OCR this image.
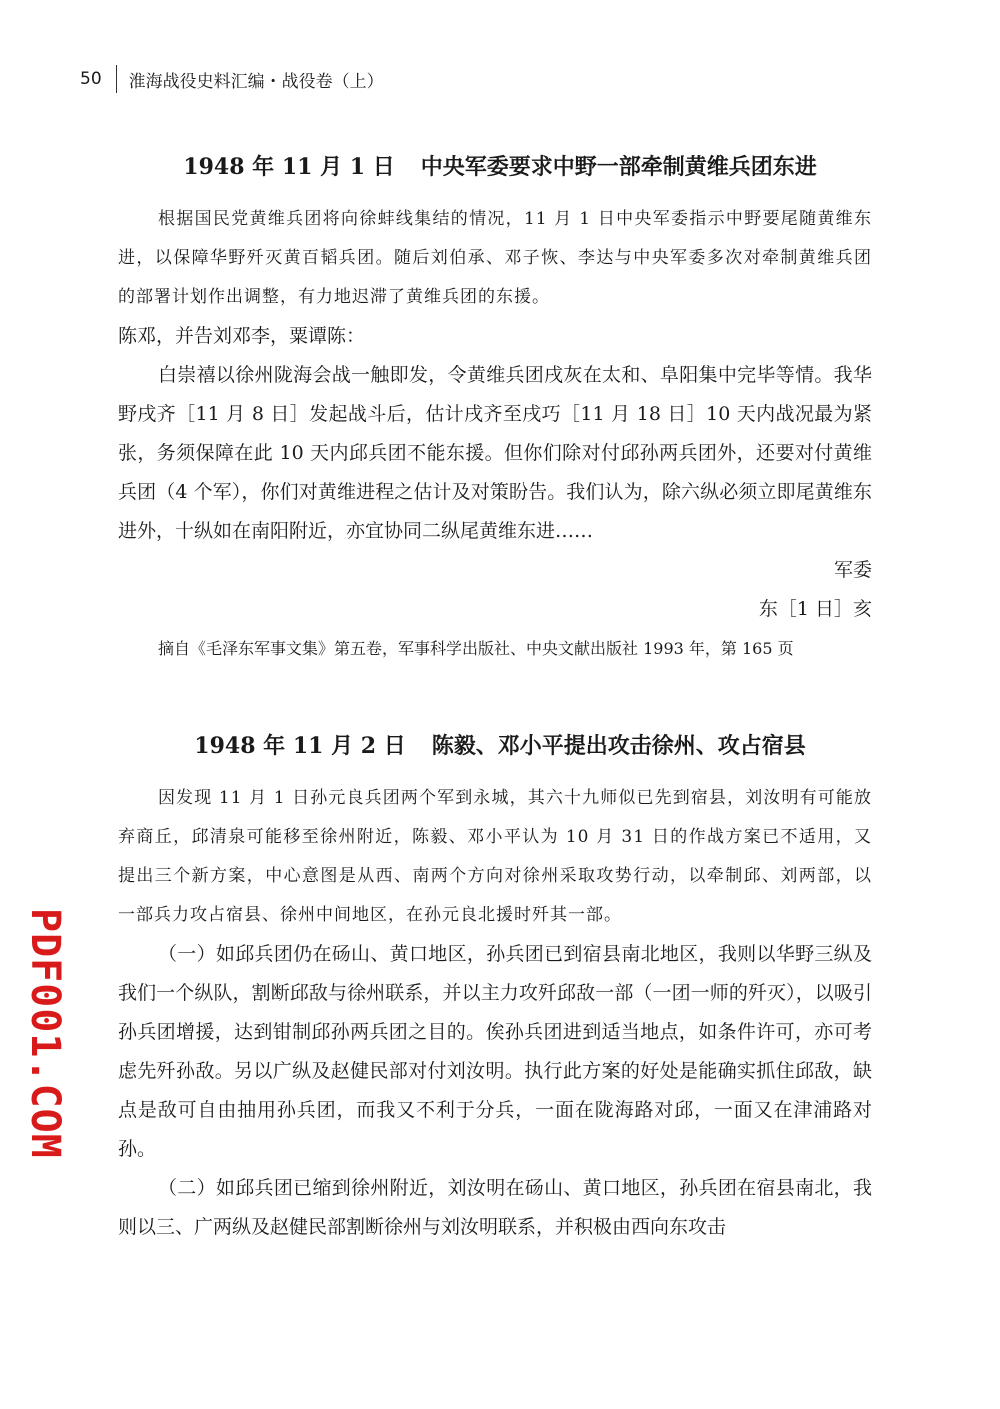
50 淮海战役史料汇编・战役卷（上）
1948 年 11 月 1 日 中央军委要求中野一部牵制黄维兵团东进

根据国民党黄维兵团将向徐蚌线集结的情况，11 月 1 日中央军委指示中野要尾随黄维东进，以保障华野歼灭黄百韬兵团。随后刘伯承、邓子恢、李达与中央军委多次对牵制黄维兵团的部署计划作出调整，有力地迟滞了黄维兵团的东援。

陈邓，并告刘邓李，粟谭陈：

白崇禧以徐州陇海会战一触即发，令黄维兵团戌灰在太和、阜阳集中完毕等情。我华野戌齐［11 月 8 日］发起战斗后，估计戌齐至戌巧［11 月 18 日］10 天内战况最为紧张，务须保障在此 10 天内邱兵团不能东援。但你们除对付邱孙两兵团外，还要对付黄维兵团（4 个军），你们对黄维进程之估计及对策盼告。我们认为，除六纵必须立即尾黄维东进外，十纵如在南阳附近，亦宜协同二纵尾黄维东进……

军委

东［1 日］亥

摘自《毛泽东军事文集》第五卷，军事科学出版社、中央文献出版社 1993 年，第 165 页

1948 年 11 月 2 日 陈毅、邓小平提出攻击徐州、攻占宿县

因发现 11 月 1 日孙元良兵团两个军到永城，其六十九师似已先到宿县，刘汝明有可能放弃商丘，邱清泉可能移至徐州附近，陈毅、邓小平认为 10 月 31 日的作战方案已不适用，又提出三个新方案，中心意图是从西、南两个方向对徐州采取攻势行动，以牵制邱、刘两部，以一部兵力攻占宿县、徐州中间地区，在孙元良北援时歼其一部。

（一）如邱兵团仍在砀山、黄口地区，孙兵团已到宿县南北地区，我则以华野三纵及我们一个纵队，割断邱敌与徐州联系，并以主力攻歼邱敌一部（一团一师的歼灭），以吸引孙兵团增援，达到钳制邱孙两兵团之目的。俟孙兵团进到适当地点，如条件许可，亦可考虑先歼孙敌。另以广纵及赵健民部对付刘汝明。执行此方案的好处是能确实抓住邱敌，缺点是敌可自由抽用孙兵团，而我又不利于分兵，一面在陇海路对邱，一面又在津浦路对孙。

（二）如邱兵团已缩到徐州附近，刘汝明在砀山、黄口地区，孙兵团在宿县南北，我则以三、广两纵及赵健民部割断徐州与刘汝明联系，并积极由西向东攻击

PDF001.COM
